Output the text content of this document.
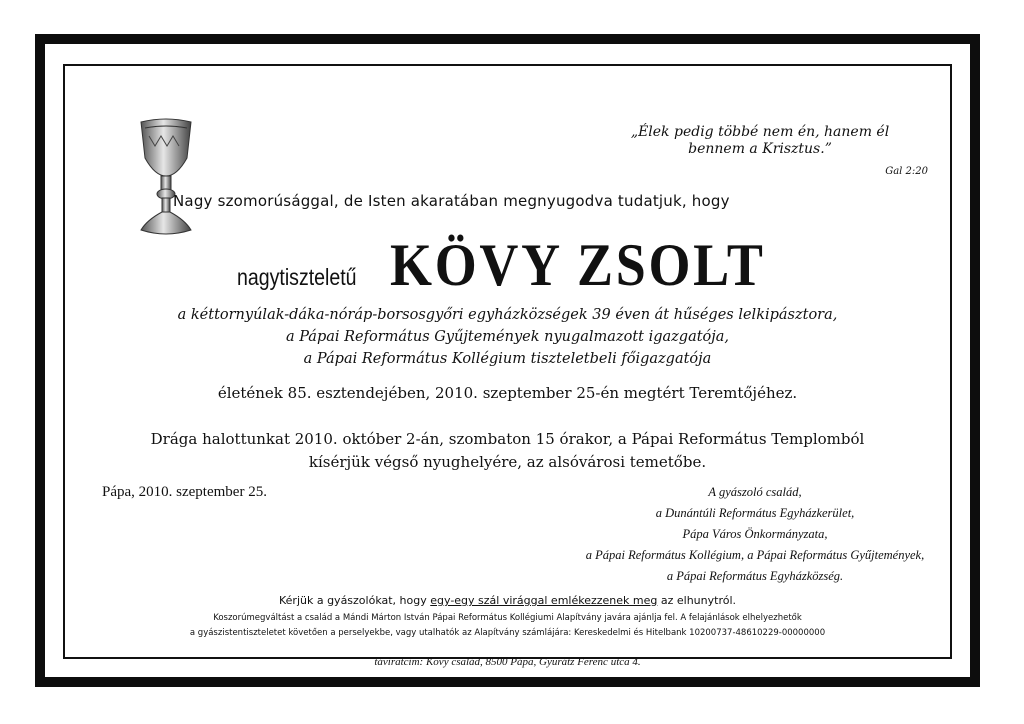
„Élek pedig többé nem én, hanem él
bennem a Krisztus.”
Gal 2:20
Nagy szomorúsággal, de Isten akaratában megnyugodva tudatjuk, hogy
nagytiszteletű KÖVY ZSOLT
a kéttornyúlak-dáka-nóráp-borsosgyőri egyházközségek 39 éven át hűséges lelkipásztora,
a Pápai Református Gyűjtemények nyugalmazott igazgatója,
a Pápai Református Kollégium tiszteletbeli főigazgatója
életének 85. esztendejében, 2010. szeptember 25-én megtért Teremtőjéhez.
Drága halottunkat 2010. október 2-án, szombaton 15 órakor, a Pápai Református Templomból
kísérjük végső nyughelyére, az alsóvárosi temetőbe.
Pápa, 2010. szeptember 25.	A gyászoló család,
a Dunántúli Református Egyházkerület,
Pápa Város Önkormányzata,
a Pápai Református Kollégium, a Pápai Református Gyűjtemények,
a Pápai Református Egyházközség.
Kérjük a gyászolókat, hogy egy-egy szál virággal emlékezzenek meg az elhunytról.
Koszorúmegváltást a család a Mándi Márton István Pápai Református Kollégiumi Alapítvány javára ajánlja fel. A felajánlások elhelyezhetők
a gyászistentiszteletet követően a perselyekbe, vagy utalhatók az Alapítvány számlájára: Kereskedelmi és Hitelbank 10200737-48610229-00000000
táviratcím: Kövy család, 8500 Pápa, Gyurátz Ferenc utca 4.
